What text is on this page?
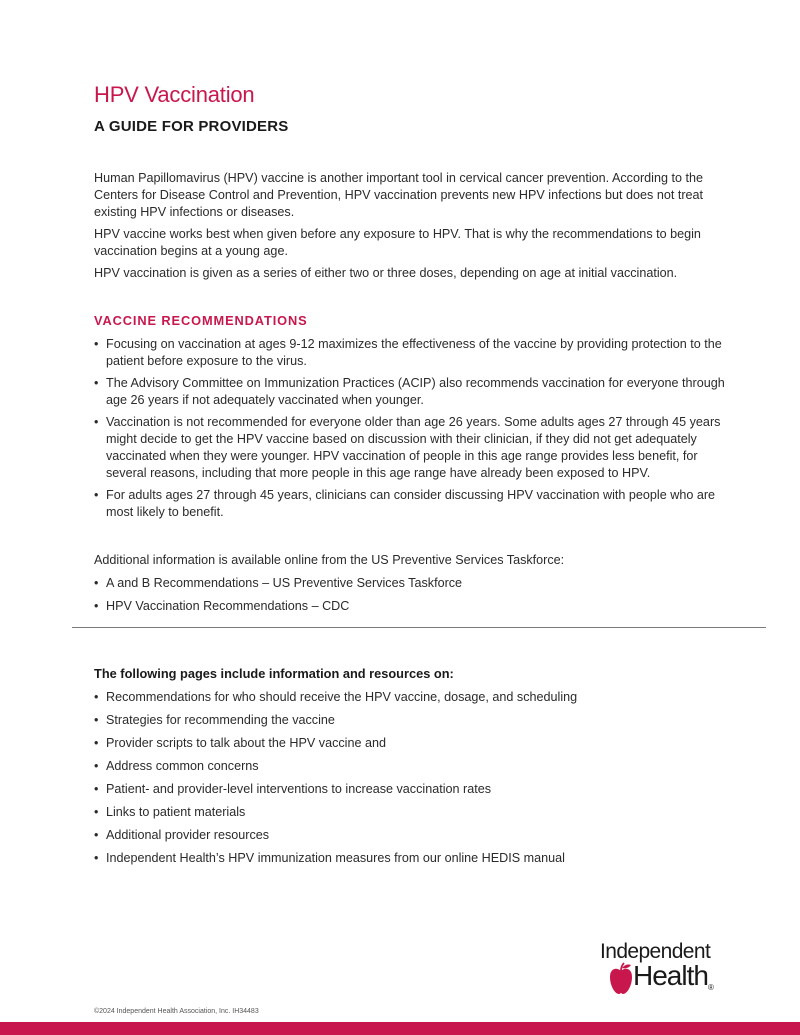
HPV Vaccination
A GUIDE FOR PROVIDERS

Human Papillomavirus (HPV) vaccine is another important tool in cervical cancer prevention. According to the Centers for Disease Control and Prevention, HPV vaccination prevents new HPV infections but does not treat existing HPV infections or diseases.

HPV vaccine works best when given before any exposure to HPV. That is why the recommendations to begin vaccination begins at a young age.

HPV vaccination is given as a series of either two or three doses, depending on age at initial vaccination.

VACCINE RECOMMENDATIONS
• Focusing on vaccination at ages 9-12 maximizes the effectiveness of the vaccine by providing protection to the patient before exposure to the virus.
• The Advisory Committee on Immunization Practices (ACIP) also recommends vaccination for everyone through age 26 years if not adequately vaccinated when younger.
• Vaccination is not recommended for everyone older than age 26 years. Some adults ages 27 through 45 years might decide to get the HPV vaccine based on discussion with their clinician, if they did not get adequately vaccinated when they were younger. HPV vaccination of people in this age range provides less benefit, for several reasons, including that more people in this age range have already been exposed to HPV.
• For adults ages 27 through 45 years, clinicians can consider discussing HPV vaccination with people who are most likely to benefit.

Additional information is available online from the US Preventive Services Taskforce:

• A and B Recommendations – US Preventive Services Taskforce
• HPV Vaccination Recommendations – CDC
The following pages include information and resources on:
• Recommendations for who should receive the HPV vaccine, dosage, and scheduling
• Strategies for recommending the vaccine
• Provider scripts to talk about the HPV vaccine and
• Address common concerns
• Patient- and provider-level interventions to increase vaccination rates
• Links to patient materials
• Additional provider resources
• Independent Health’s HPV immunization measures from our online HEDIS manual
Independent
Health®

©2024 Independent Health Association, Inc. IH34483
